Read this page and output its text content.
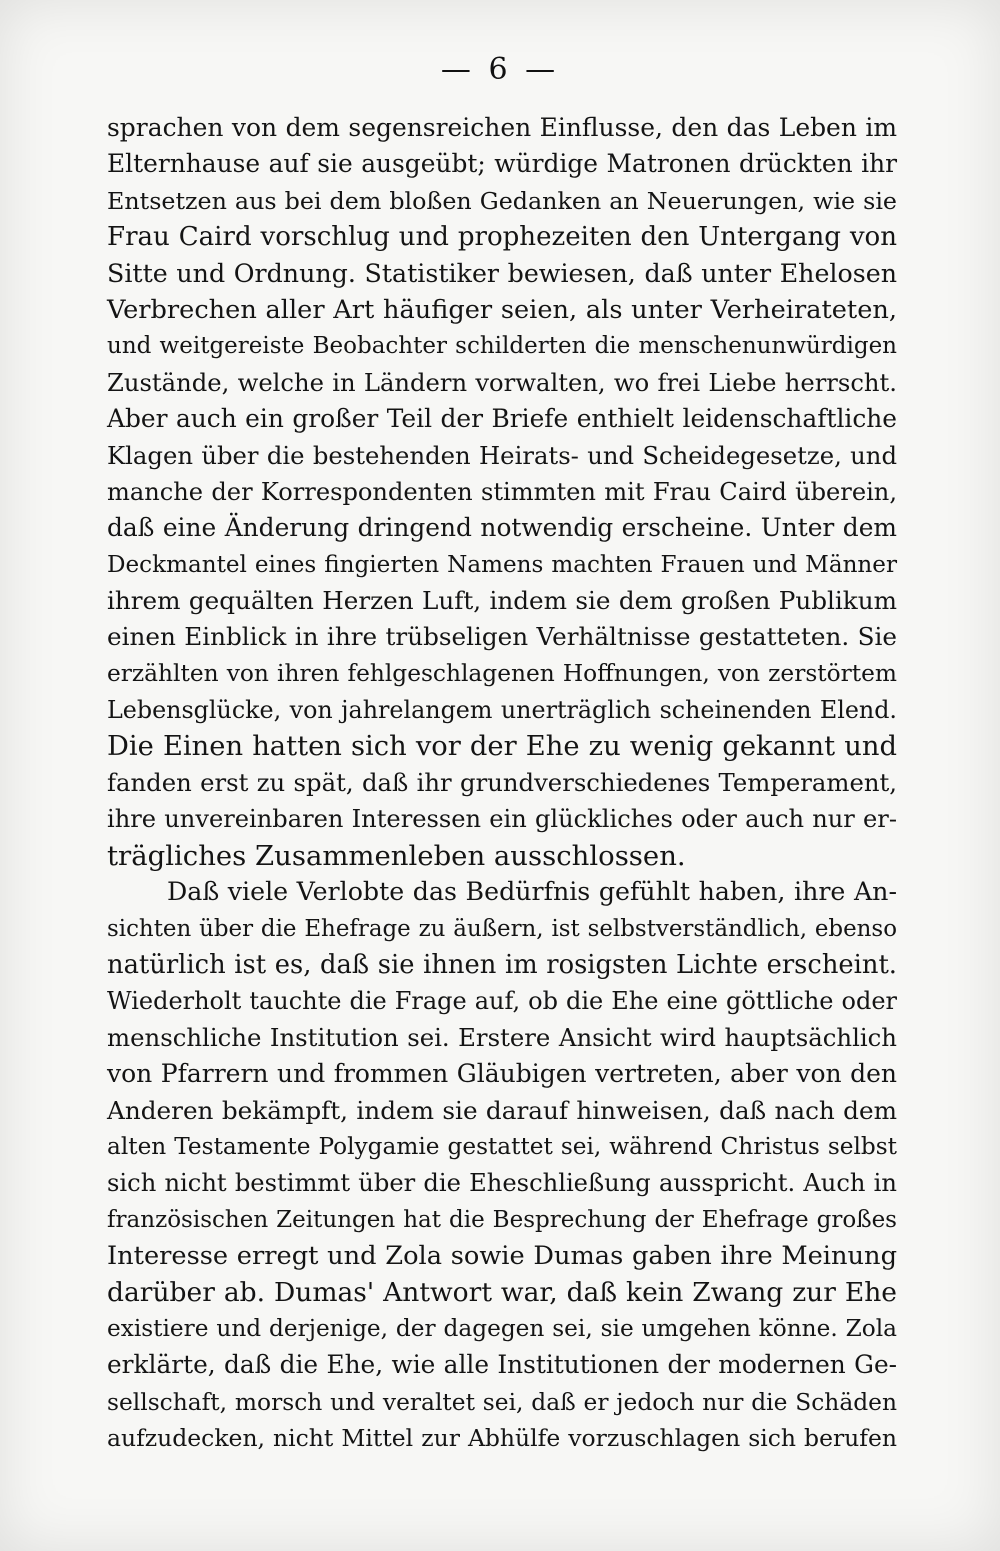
— 6 —
sprachen von dem segensreichen Einflusse, den das Leben im
Elternhause auf sie ausgeübt; würdige Matronen drückten ihr
Entsetzen aus bei dem bloßen Gedanken an Neuerungen, wie sie
Frau Caird vorschlug und prophezeiten den Untergang von
Sitte und Ordnung. Statistiker bewiesen, daß unter Ehelosen
Verbrechen aller Art häufiger seien, als unter Verheirateten,
und weitgereiste Beobachter schilderten die menschenunwürdigen
Zustände, welche in Ländern vorwalten, wo frei Liebe herrscht.
Aber auch ein großer Teil der Briefe enthielt leidenschaftliche
Klagen über die bestehenden Heirats- und Scheidegesetze, und
manche der Korrespondenten stimmten mit Frau Caird überein,
daß eine Änderung dringend notwendig erscheine. Unter dem
Deckmantel eines fingierten Namens machten Frauen und Männer
ihrem gequälten Herzen Luft, indem sie dem großen Publikum
einen Einblick in ihre trübseligen Verhältnisse gestatteten. Sie
erzählten von ihren fehlgeschlagenen Hoffnungen, von zerstörtem
Lebensglücke, von jahrelangem unerträglich scheinenden Elend.
Die Einen hatten sich vor der Ehe zu wenig gekannt und
fanden erst zu spät, daß ihr grundverschiedenes Temperament,
ihre unvereinbaren Interessen ein glückliches oder auch nur er-
trägliches Zusammenleben ausschlossen.
Daß viele Verlobte das Bedürfnis gefühlt haben, ihre An-
sichten über die Ehefrage zu äußern, ist selbstverständlich, ebenso
natürlich ist es, daß sie ihnen im rosigsten Lichte erscheint.
Wiederholt tauchte die Frage auf, ob die Ehe eine göttliche oder
menschliche Institution sei. Erstere Ansicht wird hauptsächlich
von Pfarrern und frommen Gläubigen vertreten, aber von den
Anderen bekämpft, indem sie darauf hinweisen, daß nach dem
alten Testamente Polygamie gestattet sei, während Christus selbst
sich nicht bestimmt über die Eheschließung ausspricht. Auch in
französischen Zeitungen hat die Besprechung der Ehefrage großes
Interesse erregt und Zola sowie Dumas gaben ihre Meinung
darüber ab. Dumas' Antwort war, daß kein Zwang zur Ehe
existiere und derjenige, der dagegen sei, sie umgehen könne. Zola
erklärte, daß die Ehe, wie alle Institutionen der modernen Ge-
sellschaft, morsch und veraltet sei, daß er jedoch nur die Schäden
aufzudecken, nicht Mittel zur Abhülfe vorzuschlagen sich berufen
